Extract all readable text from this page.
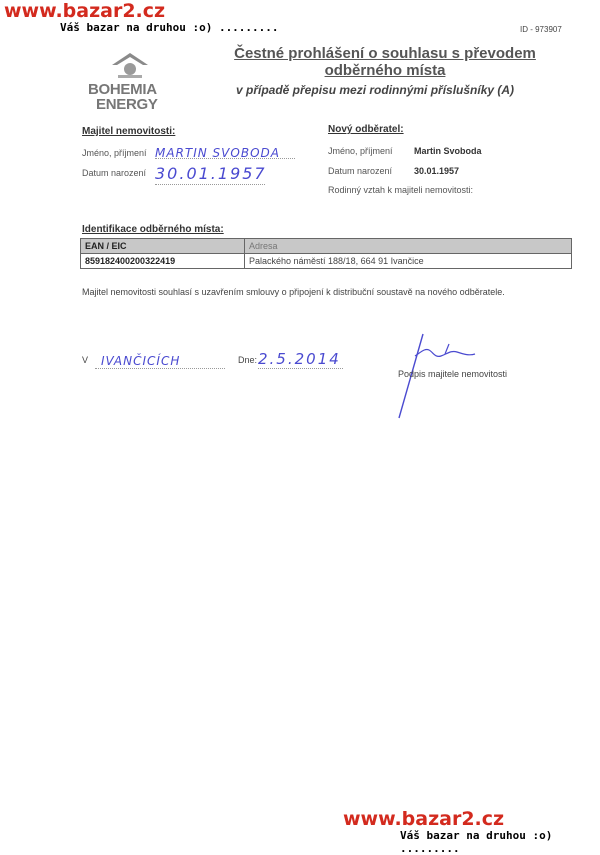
www.bazar2.cz
Váš bazar na druhou :o) .........	ID - 973907
BOHEMIA
ENERGY
Čestné prohlášení o souhlasu s převodem
odběrného místa
v případě přepisu mezi rodinnými příslušníky (A)
Majitel nemovitosti:
Jméno, příjmení MARTIN SVOBODA
Datum narození 30.01.1957
Nový odběratel:
Jméno, příjmení Martin Svoboda
Datum narození 30.01.1957
Rodinný vztah k majiteli nemovitosti:
Identifikace odběrného místa:
EAN / EIC	Adresa
859182400200322419	Palackého náměstí 188/18, 664 91 Ivančice
Majitel nemovitosti souhlasí s uzavřením smlouvy o připojení k distribuční soustavě na nového odběratele.
V	IVANČICÍCH	Dne: 2.5.2014
Podpis majitele nemovitosti
www.bazar2.cz
Váš bazar na druhou :o) .........
